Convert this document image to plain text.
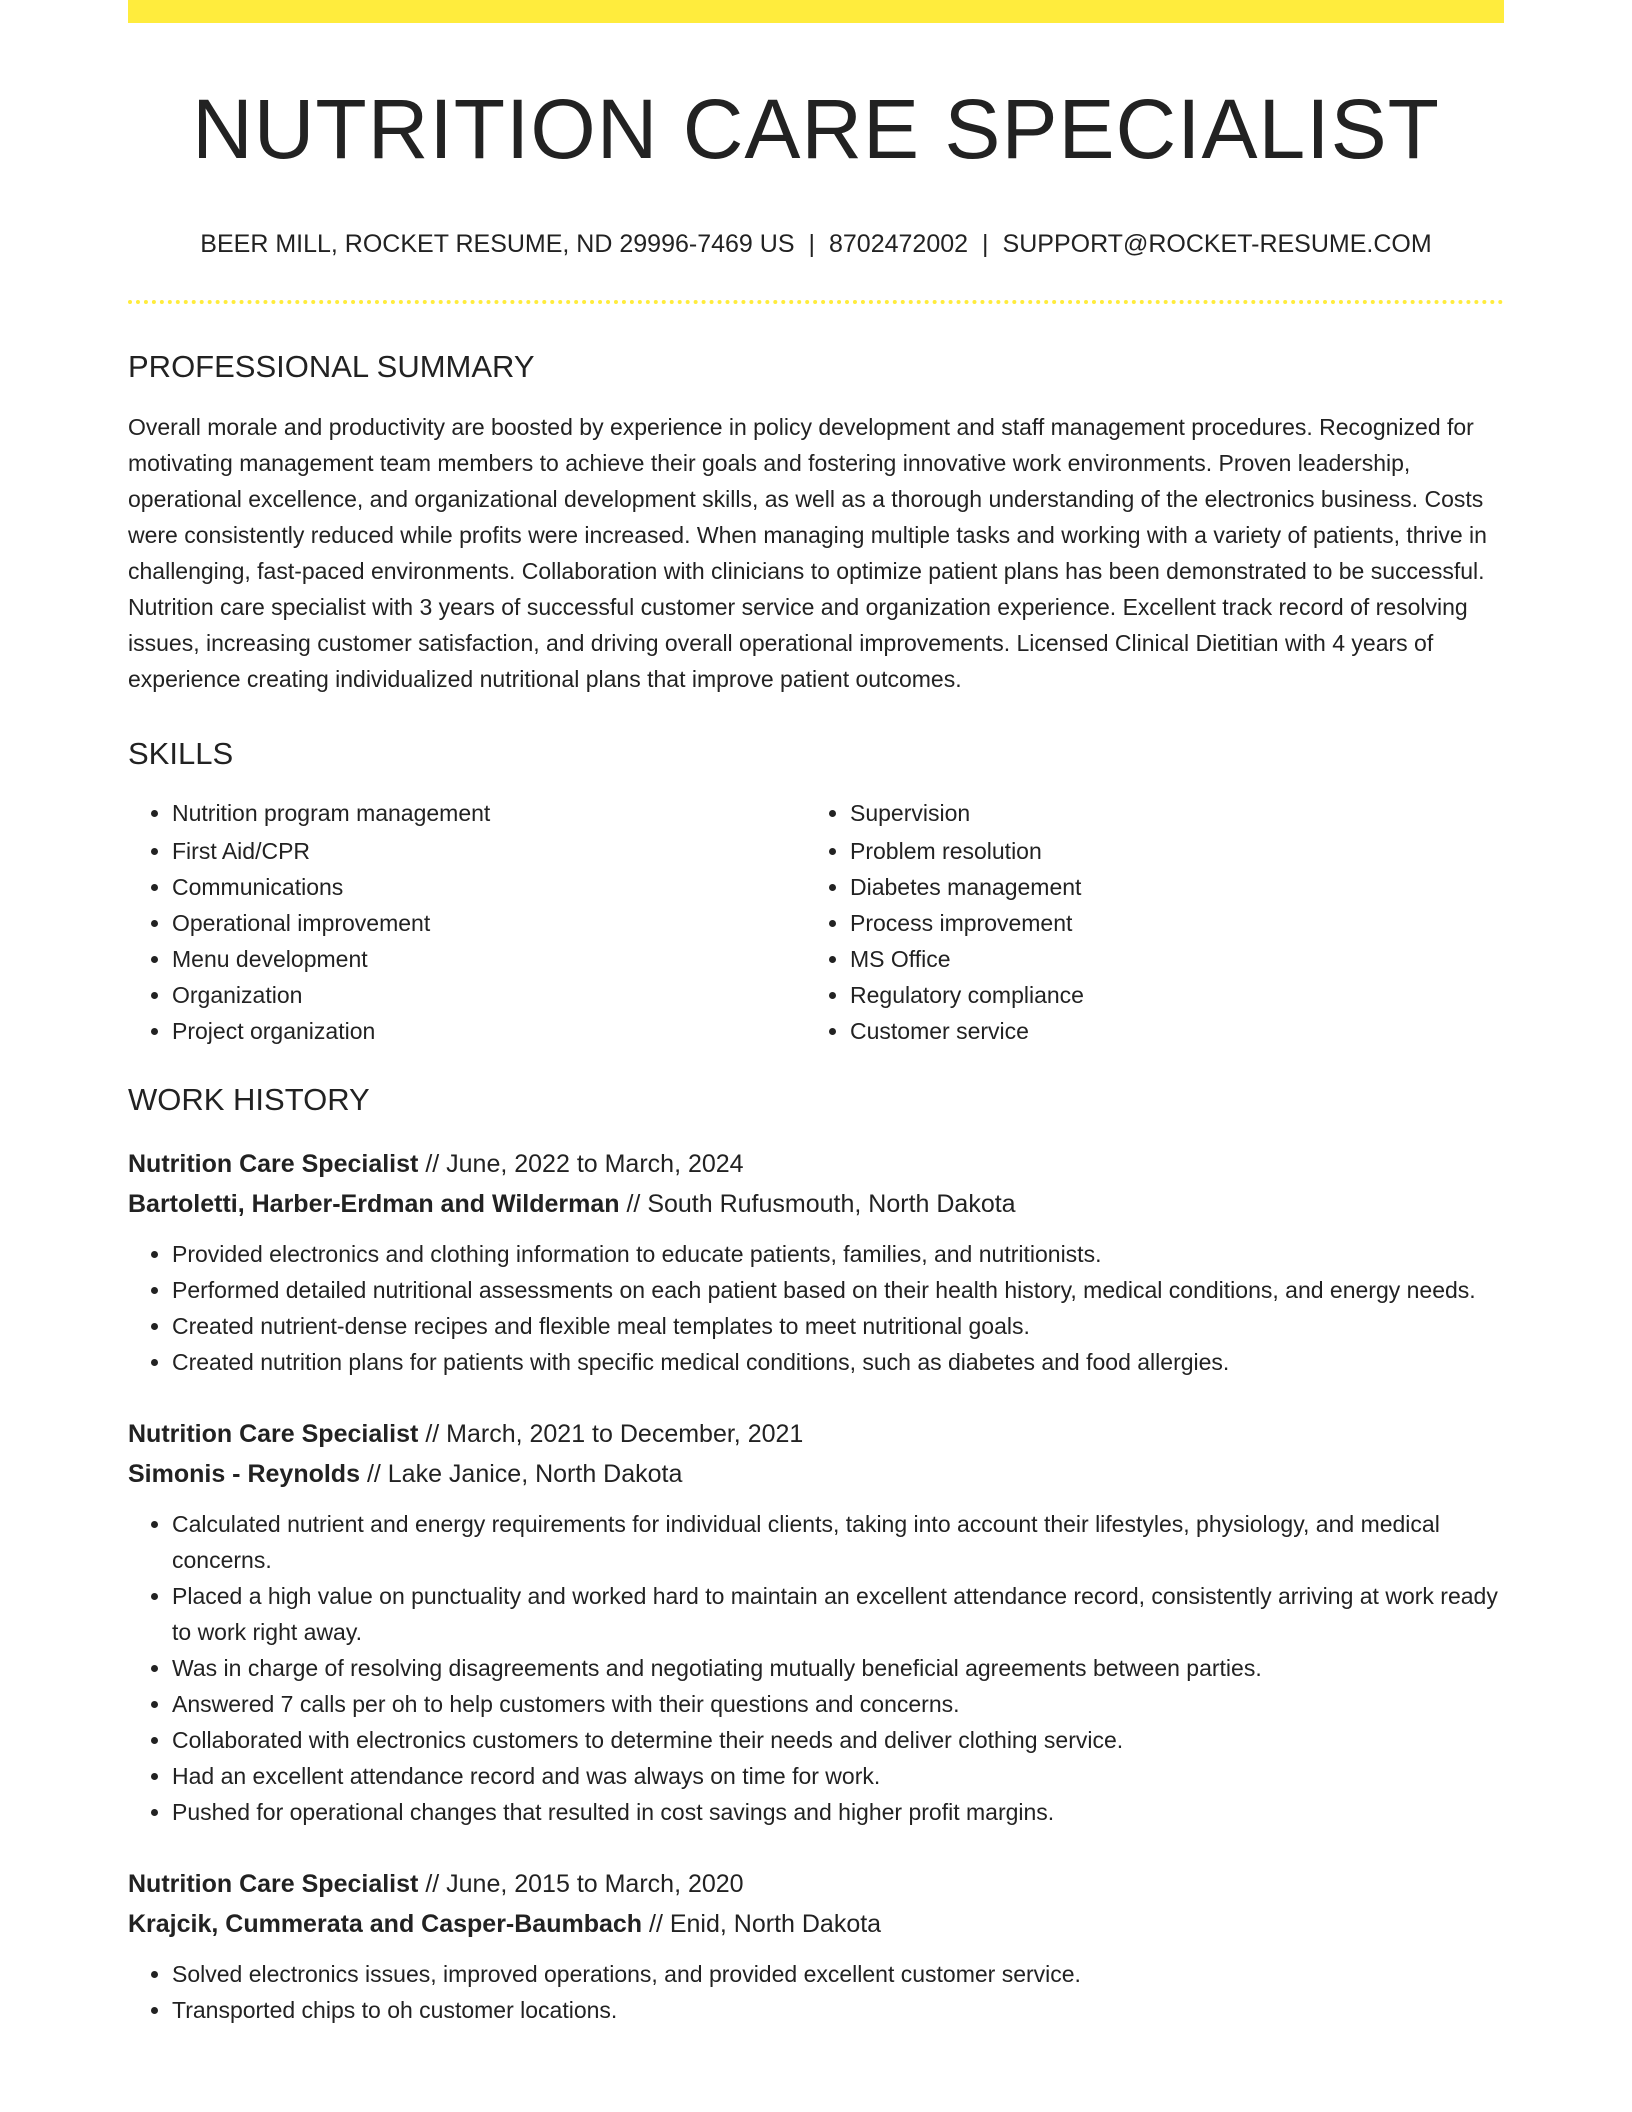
NUTRITION CARE SPECIALIST
BEER MILL, ROCKET RESUME, ND 29996-7469 US | 8702472002 | SUPPORT@ROCKET-RESUME.COM
PROFESSIONAL SUMMARY
Overall morale and productivity are boosted by experience in policy development and staff management procedures. Recognized for motivating management team members to achieve their goals and fostering innovative work environments. Proven leadership, operational excellence, and organizational development skills, as well as a thorough understanding of the electronics business. Costs were consistently reduced while profits were increased. When managing multiple tasks and working with a variety of patients, thrive in challenging, fast-paced environments. Collaboration with clinicians to optimize patient plans has been demonstrated to be successful. Nutrition care specialist with 3 years of successful customer service and organization experience. Excellent track record of resolving issues, increasing customer satisfaction, and driving overall operational improvements. Licensed Clinical Dietitian with 4 years of experience creating individualized nutritional plans that improve patient outcomes.
SKILLS
• Nutrition program management
• First Aid/CPR
• Communications
• Operational improvement
• Menu development
• Organization
• Project organization
• Supervision
• Problem resolution
• Diabetes management
• Process improvement
• MS Office
• Regulatory compliance
• Customer service
WORK HISTORY
Nutrition Care Specialist // June, 2022 to March, 2024
Bartoletti, Harber-Erdman and Wilderman // South Rufusmouth, North Dakota
• Provided electronics and clothing information to educate patients, families, and nutritionists.
• Performed detailed nutritional assessments on each patient based on their health history, medical conditions, and energy needs.
• Created nutrient-dense recipes and flexible meal templates to meet nutritional goals.
• Created nutrition plans for patients with specific medical conditions, such as diabetes and food allergies.
Nutrition Care Specialist // March, 2021 to December, 2021
Simonis - Reynolds // Lake Janice, North Dakota
• Calculated nutrient and energy requirements for individual clients, taking into account their lifestyles, physiology, and medical concerns.
• Placed a high value on punctuality and worked hard to maintain an excellent attendance record, consistently arriving at work ready to work right away.
• Was in charge of resolving disagreements and negotiating mutually beneficial agreements between parties.
• Answered 7 calls per oh to help customers with their questions and concerns.
• Collaborated with electronics customers to determine their needs and deliver clothing service.
• Had an excellent attendance record and was always on time for work.
• Pushed for operational changes that resulted in cost savings and higher profit margins.
Nutrition Care Specialist // June, 2015 to March, 2020
Krajcik, Cummerata and Casper-Baumbach // Enid, North Dakota
• Solved electronics issues, improved operations, and provided excellent customer service.
• Transported chips to oh customer locations.
